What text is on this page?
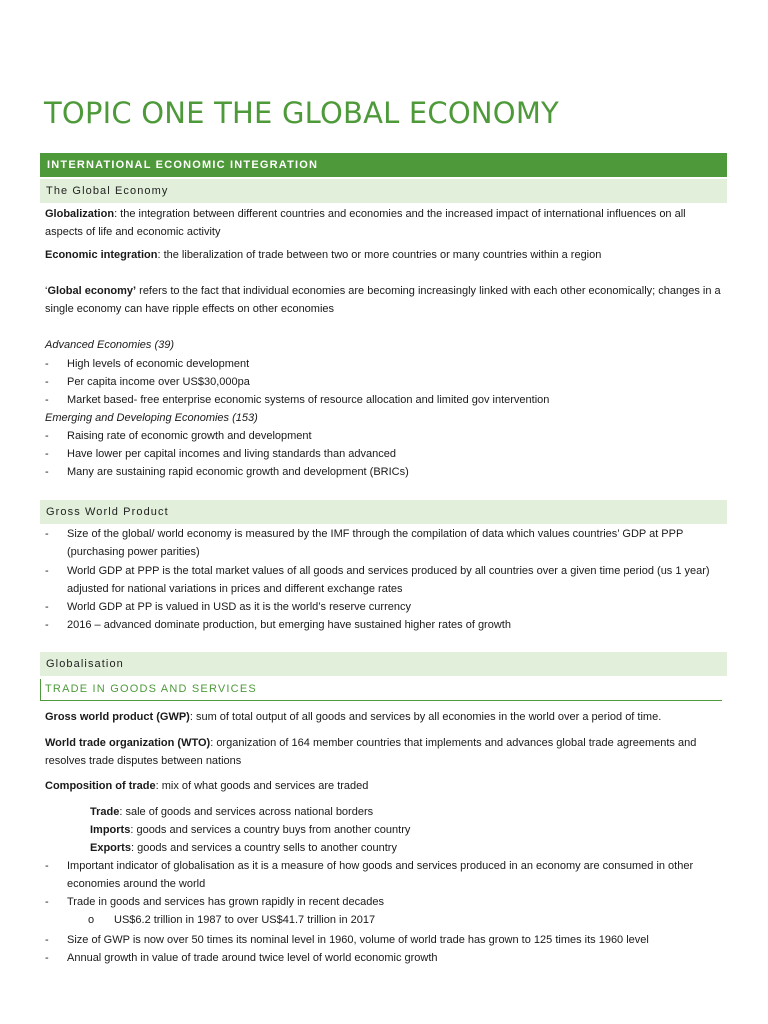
TOPIC ONE THE GLOBAL ECONOMY
INTERNATIONAL ECONOMIC INTEGRATION
The Global Economy
Globalization: the integration between different countries and economies and the increased impact of international influences on all aspects of life and economic activity
Economic integration: the liberalization of trade between two or more countries or many countries within a region
‘Global economy’ refers to the fact that individual economies are becoming increasingly linked with each other economically; changes in a single economy can have ripple effects on other economies
Advanced Economies (39)
- High levels of economic development
- Per capita income over US$30,000pa
- Market based- free enterprise economic systems of resource allocation and limited gov intervention
Emerging and Developing Economies (153)
- Raising rate of economic growth and development
- Have lower per capital incomes and living standards than advanced
- Many are sustaining rapid economic growth and development (BRICs)
Gross World Product
- Size of the global/ world economy is measured by the IMF through the compilation of data which values countries’ GDP at PPP (purchasing power parities)
- World GDP at PPP is the total market values of all goods and services produced by all countries over a given time period (us 1 year) adjusted for national variations in prices and different exchange rates
- World GDP at PP is valued in USD as it is the world’s reserve currency
- 2016 – advanced dominate production, but emerging have sustained higher rates of growth
Globalisation
TRADE IN GOODS AND SERVICES
Gross world product (GWP): sum of total output of all goods and services by all economies in the world over a period of time.
World trade organization (WTO): organization of 164 member countries that implements and advances global trade agreements and resolves trade disputes between nations
Composition of trade: mix of what goods and services are traded
Trade: sale of goods and services across national borders
Imports: goods and services a country buys from another country
Exports: goods and services a country sells to another country
- Important indicator of globalisation as it is a measure of how goods and services produced in an economy are consumed in other economies around the world
- Trade in goods and services has grown rapidly in recent decades
o US$6.2 trillion in 1987 to over US$41.7 trillion in 2017
- Size of GWP is now over 50 times its nominal level in 1960, volume of world trade has grown to 125 times its 1960 level
- Annual growth in value of trade around twice level of world economic growth
